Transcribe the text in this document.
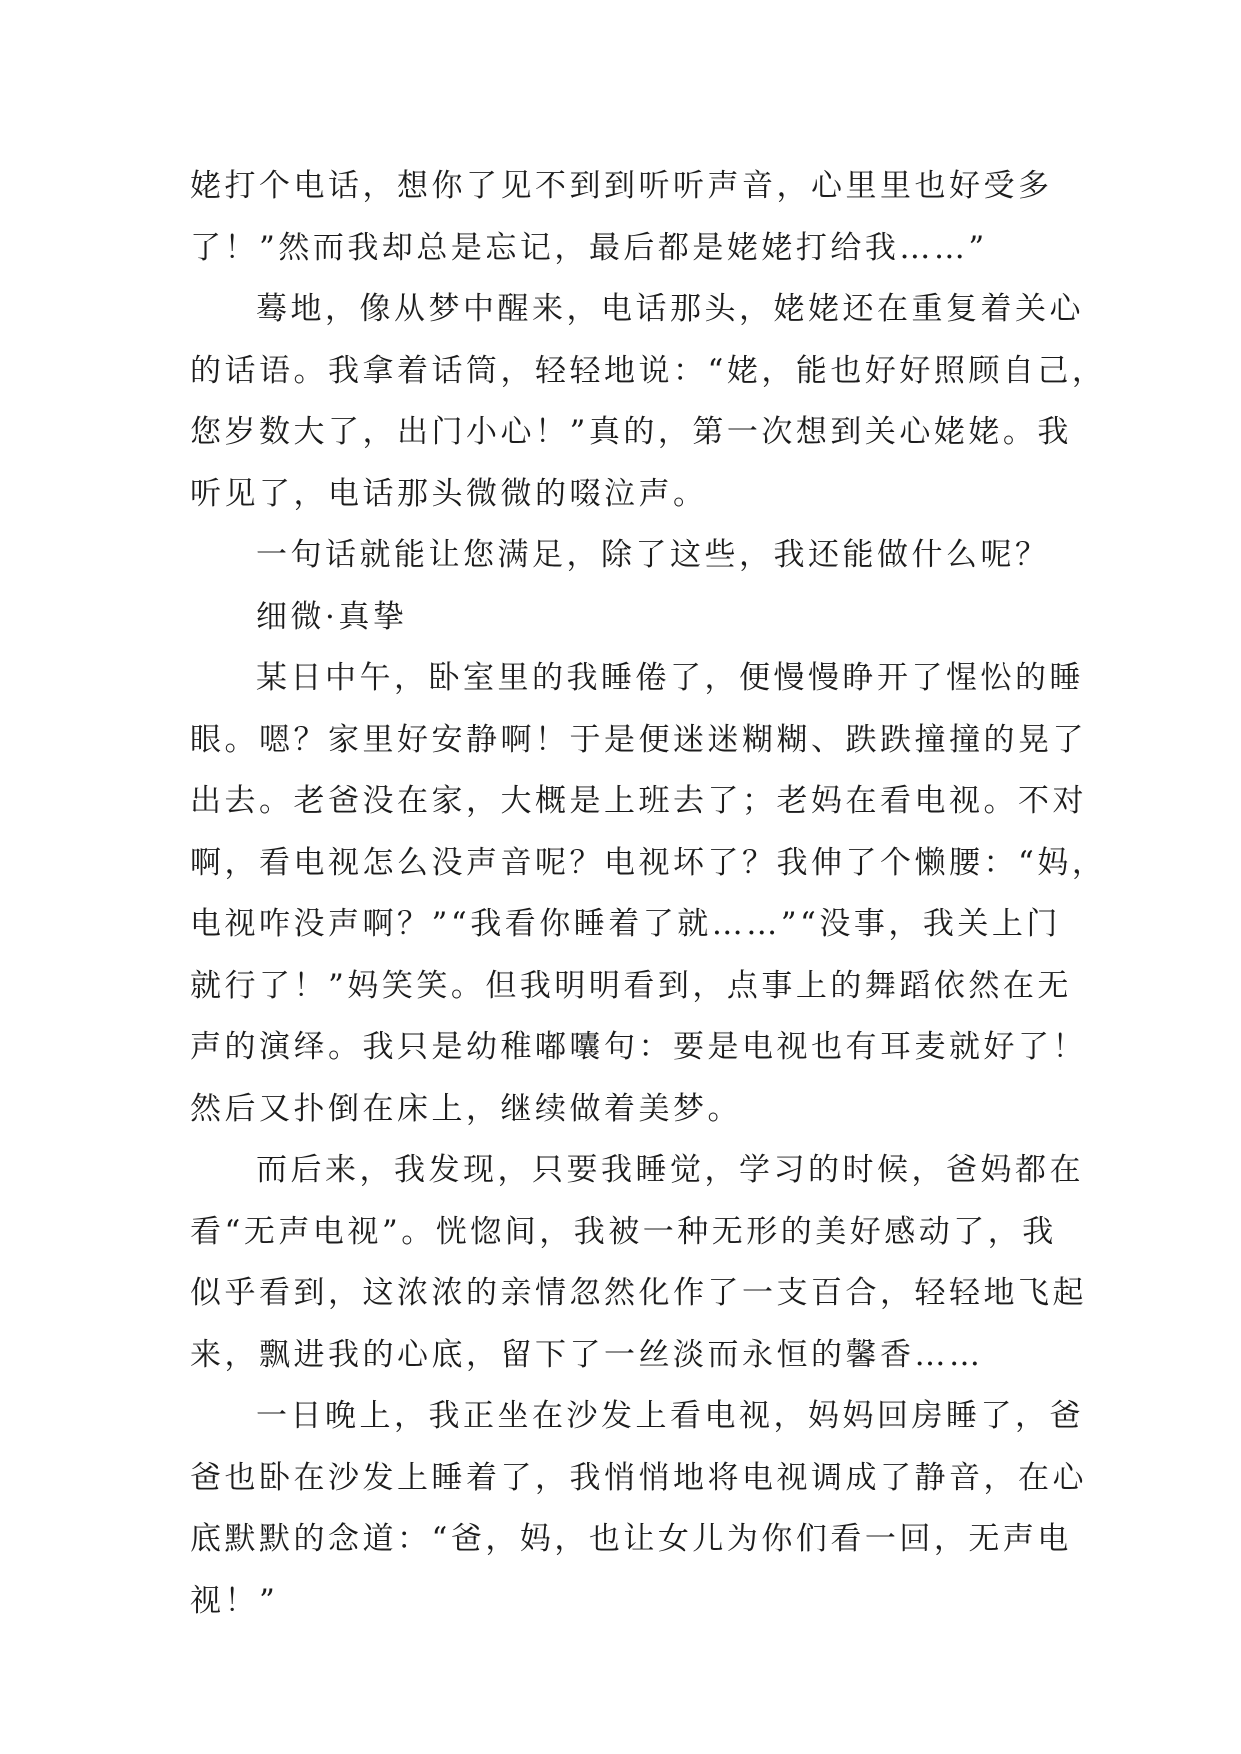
姥打个电话，想你了见不到到听听声音，心里里也好受多
了！”然而我却总是忘记，最后都是姥姥打给我……”
蓦地，像从梦中醒来，电话那头，姥姥还在重复着关心
的话语。我拿着话筒，轻轻地说：“姥，能也好好照顾自己，
您岁数大了，出门小心！”真的，第一次想到关心姥姥。我
听见了，电话那头微微的啜泣声。
一句话就能让您满足，除了这些，我还能做什么呢？
细微·真挚
某日中午，卧室里的我睡倦了，便慢慢睁开了惺忪的睡
眼。嗯？家里好安静啊！于是便迷迷糊糊、跌跌撞撞的晃了
出去。老爸没在家，大概是上班去了；老妈在看电视。不对
啊，看电视怎么没声音呢？电视坏了？我伸了个懒腰：“妈，
电视咋没声啊？”“我看你睡着了就……”“没事，我关上门
就行了！”妈笑笑。但我明明看到，点事上的舞蹈依然在无
声的演绎。我只是幼稚嘟囔句：要是电视也有耳麦就好了！
然后又扑倒在床上，继续做着美梦。
而后来，我发现，只要我睡觉，学习的时候，爸妈都在
看“无声电视”。恍惚间，我被一种无形的美好感动了，我
似乎看到，这浓浓的亲情忽然化作了一支百合，轻轻地飞起
来，飘进我的心底，留下了一丝淡而永恒的馨香……
一日晚上，我正坐在沙发上看电视，妈妈回房睡了，爸
爸也卧在沙发上睡着了，我悄悄地将电视调成了静音，在心
底默默的念道：“爸，妈，也让女儿为你们看一回，无声电
视！”
